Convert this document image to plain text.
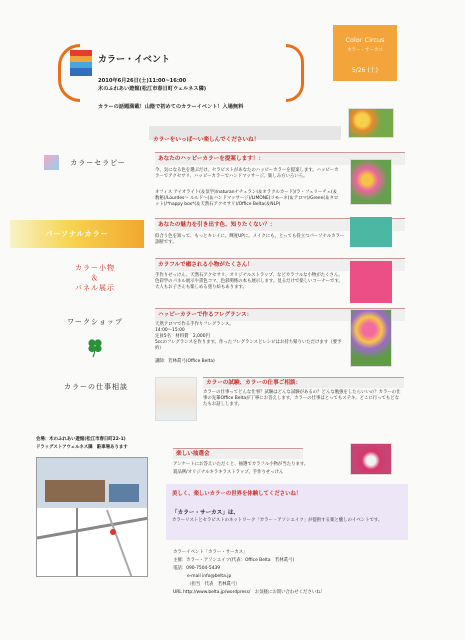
カラー・イベント
2010年6月26日(土)11:00~16:00
木のふれあい遊館(松江市春日町ウェルネス隣)
カラーの話題満載！山陰で初めてのカラーイベント！入場無料
Color Circus
カラー・サーカス
5/26 (土)
カラーをいっぱ～い楽しんでくださいね！
カラーセラピー	あなたのハッピーカラーを提案します！：
今、気になる色を選ぶだけ。セラピストがあなたのハッピーカラーを提案します。ハッピーカラーでアクセサリ、ハッピーカラーでハンドマッサージ。楽しみ方いろいろ。
オフィス アイオライト(＆気学)/naturanナチュラン(＆オラクルカード)/ラ・フェリーチェ(＆数秘)/Lourdes～ ルルド～(＆ハンドマッサージ)/LIMONE(リモーネ(＆アロマ)/Green(＆タロット)/*happy box*(＆天然石アクセサリ)/Office Belta(＆NLP)
パーソナルカラー
あなたの魅力を引き出す色、知りたくない？：
似合う色を知って、もっとキレイに、輝度UPに。メイクにも、とっても役立つパーソナルカラー診断です。
カラー小物
＆
パネル展示
カラフルで癒される小物がたくさん！
手作りせっけん、天然石アクセサリ、オリジナルストラップ、などカラフルな小物がたくさん。色彩学のパネル展示や書色コマ、色彩関係の本も展示します。見るだけで楽しいコーナーです。大人もお子さんも楽しめる塗り絵もあります。
ワークショップ
ハッピーカラーで作るフレグランス：
天然アロマで作る手作りフレグランス。
14:00～15:00
定員5名　材料費　2,000円
5ccのフレグランスを作ります。作ったフレグランスとレシピはお持ち帰りいただけます（要予約）
講師：若林眞弓(Office Belta)
カラーの仕事相談	カラーの試験、カラーの仕事ご相談：
カラーの仕事ってどんな仕事？試験はどんな試験があるの？どんな勉強をしたらいいの？カラーの仕事の先輩Office Beltaが丁寧にお答えします。カラーの仕事はとってもステキ。どこに行ってもどなたもお話しします。
会場：木のふれあい遊館(松江市春日町22-1)
ドラッグストアウェルネス隣　駐車場あります
楽しい抽選会
アンケートにお答えいただくと、抽選でカラフル小物が当たります。
賞品例/オリジナルキラキラストラップ、手作りせっけん
美しく、楽しいカラーの世界を体験してくださいね！
「カラー・サーカス」は、
カラーリストとセラピストのネットワーク「カラー・アソシエイツ」が提供する楽と癒しのイベントです。
カラーイベント「カラー・サーカス」
主催：カラー・アソシエイツ(代表：Office Belta　若林眞弓)
電話：090-7504-5439
e-mail info@belta.jp
（担当　代表　若林眞弓）
URL http://www.belta.jp/wordpress/　お気軽にお問い合わせくださいね！
